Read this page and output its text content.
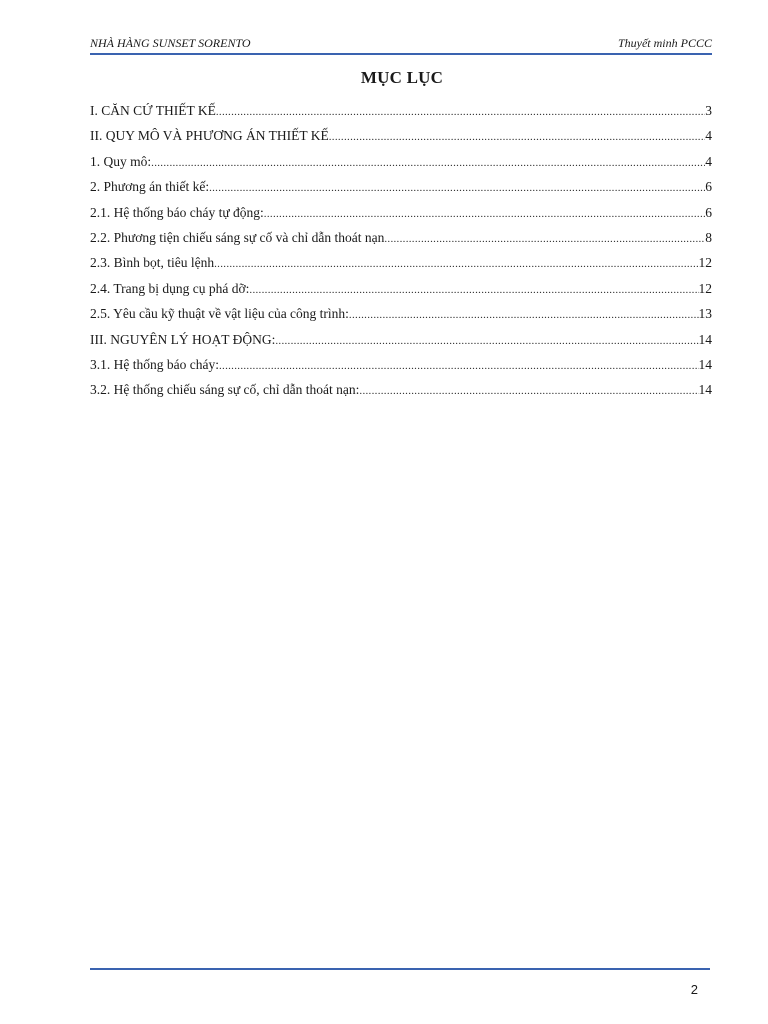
NHÀ HÀNG SUNSET SORENTO	Thuyết minh PCCC
MỤC LỤC
I. CĂN CỨ THIẾT KẾ .....	3
II. QUY MÔ VÀ PHƯƠNG ÁN THIẾT KẾ .....	4
1. Quy mô: .....	4
2. Phương án thiết kế: .....	6
2.1. Hệ thống báo cháy tự động: .....	6
2.2. Phương tiện chiếu sáng sự cố và chỉ dẫn thoát nạn .....	8
2.3. Bình bọt, tiêu lệnh .....	12
2.4. Trang bị dụng cụ phá dỡ: .....	12
2.5. Yêu cầu kỹ thuật về vật liệu của công trình: .....	13
III. NGUYÊN LÝ HOẠT ĐỘNG: .....	14
3.1. Hệ thống báo cháy: .....	14
3.2. Hệ thống chiếu sáng sự cố, chỉ dẫn thoát nạn: .....	14
2
